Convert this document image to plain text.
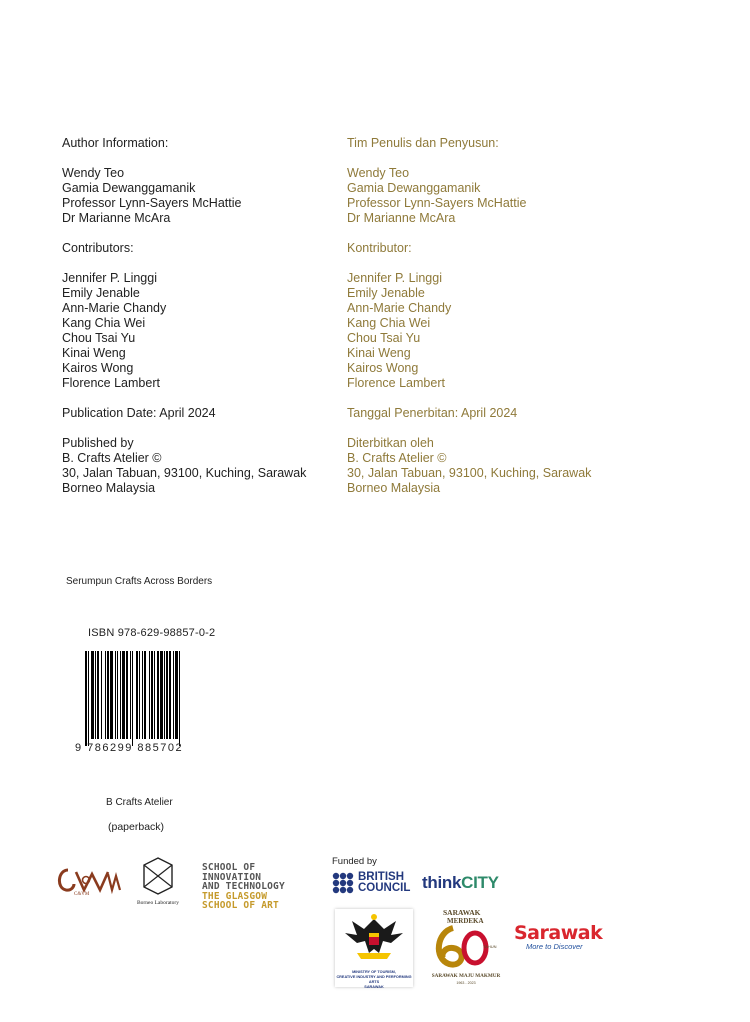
Author Information:
Wendy Teo
Gamia Dewanggamanik
Professor Lynn-Sayers McHattie
Dr Marianne McAra
Contributors:
Jennifer P. Linggi
Emily Jenable
Ann-Marie Chandy
Kang Chia Wei
Chou Tsai Yu
Kinai Weng
Kairos Wong
Florence Lambert
Publication Date: April 2024
Published by
B. Crafts Atelier ©
30, Jalan Tabuan, 93100, Kuching, Sarawak
Borneo Malaysia
Tim Penulis dan Penyusun:
Wendy Teo
Gamia Dewanggamanik
Professor Lynn-Sayers McHattie
Dr Marianne McAra
Kontributor:
Jennifer P. Linggi
Emily Jenable
Ann-Marie Chandy
Kang Chia Wei
Chou Tsai Yu
Kinai Weng
Kairos Wong
Florence Lambert
Tanggal Penerbitan: April 2024
Diterbitkan oleh
B. Crafts Atelier ©
30, Jalan Tabuan, 93100, Kuching, Sarawak
Borneo Malaysia
Serumpun Crafts Across Borders
ISBN 978-629-98857-0-2
9 786299 885702
B Crafts Atelier
(paperback)
C&VM
Borneo Laboratory
SCHOOL OF
INNOVATION
AND TECHNOLOGY
THE GLASGOW
SCHOOL OF ART
Funded by
BRITISH
COUNCIL thinkCITY
MINISTRY OF TOURISM,
CREATIVE INDUSTRY AND PERFORMING ARTS
SARAWAK
SARAWAK
MERDEKA
TAHUN
SARAWAK MAJU MAKMUR
1963 - 2023
Sarawak
More to Discover
